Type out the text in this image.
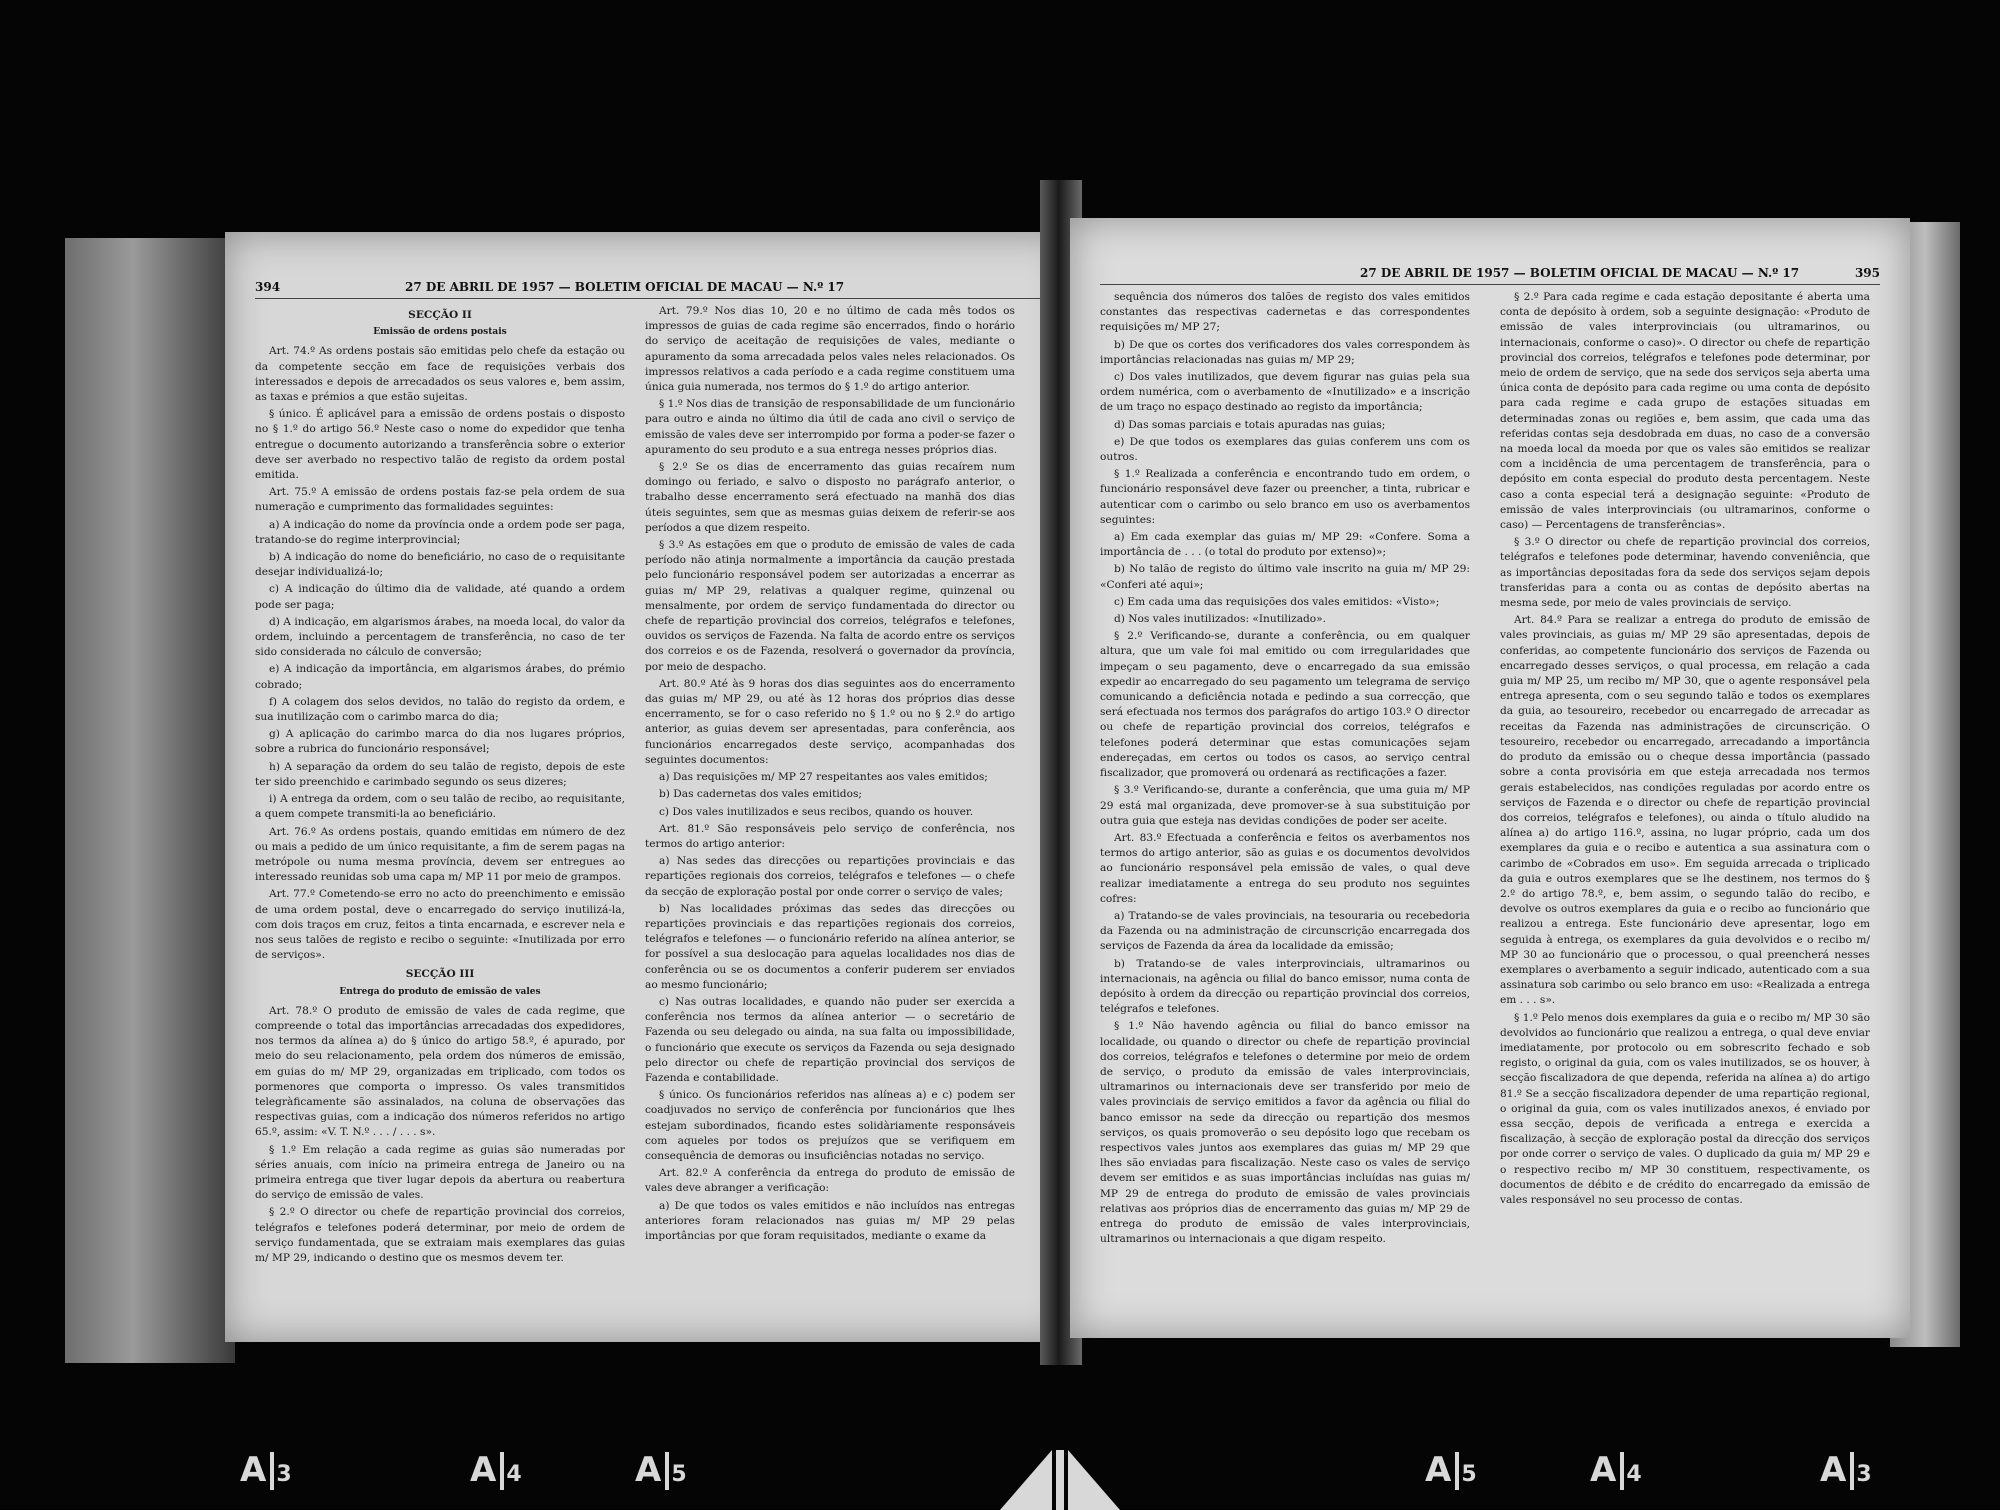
394	27 DE ABRIL DE 1957 — BOLETIM OFICIAL DE MACAU — N.º 17

SECÇÃO II

Emissão de ordens postais

Art. 74.º As ordens postais são emitidas pelo chefe da estação ou da competente secção em face de requisições verbais dos interessados e depois de arrecadados os seus valores e, bem assim, as taxas e prémios a que estão sujeitas.

§ único. É aplicável para a emissão de ordens postais o disposto no § 1.º do artigo 56.º Neste caso o nome do expedidor que tenha entregue o documento autorizando a transferência sobre o exterior deve ser averbado no respectivo talão de registo da ordem postal emitida.

Art. 75.º A emissão de ordens postais faz-se pela ordem de sua numeração e cumprimento das formalidades seguintes:

a) A indicação do nome da província onde a ordem pode ser paga, tratando-se do regime interprovincial;

b) A indicação do nome do beneficiário, no caso de o requisitante desejar individualizá-lo;

c) A indicação do último dia de validade, até quando a ordem pode ser paga;

d) A indicação, em algarismos árabes, na moeda local, do valor da ordem, incluindo a percentagem de transferência, no caso de ter sido considerada no cálculo de conversão;

e) A indicação da importância, em algarismos árabes, do prémio cobrado;

f) A colagem dos selos devidos, no talão do registo da ordem, e sua inutilização com o carimbo marca do dia;

g) A aplicação do carimbo marca do dia nos lugares próprios, sobre a rubrica do funcionário responsável;

h) A separação da ordem do seu talão de registo, depois de este ter sido preenchido e carimbado segundo os seus dizeres;

i) A entrega da ordem, com o seu talão de recibo, ao requisitante, a quem compete transmiti-la ao beneficiário.

Art. 76.º As ordens postais, quando emitidas em número de dez ou mais a pedido de um único requisitante, a fim de serem pagas na metrópole ou numa mesma província, devem ser entregues ao interessado reunidas sob uma capa m/ MP 11 por meio de grampos.

Art. 77.º Cometendo-se erro no acto do preenchimento e emissão de uma ordem postal, deve o encarregado do serviço inutilizá-la, com dois traços em cruz, feitos a tinta encarnada, e escrever nela e nos seus talões de registo e recibo o seguinte: «Inutilizada por erro de serviços».

SECÇÃO III

Entrega do produto de emissão de vales

Art. 78.º O produto de emissão de vales de cada regime, que compreende o total das importâncias arrecadadas dos expedidores, nos termos da alínea a) do § único do artigo 58.º, é apurado, por meio do seu relacionamento, pela ordem dos números de emissão, em guias do m/ MP 29, organizadas em triplicado, com todos os pormenores que comporta o impresso. Os vales transmitidos telegràficamente são assinalados, na coluna de observações das respectivas guias, com a indicação dos números referidos no artigo 65.º, assim: «V. T. N.º . . . / . . . s».

§ 1.º Em relação a cada regime as guias são numeradas por séries anuais, com início na primeira entrega de Janeiro ou na primeira entrega que tiver lugar depois da abertura ou reabertura do serviço de emissão de vales.

§ 2.º O director ou chefe de repartição provincial dos correios, telégrafos e telefones poderá determinar, por meio de ordem de serviço fundamentada, que se extraiam mais exemplares das guias m/ MP 29, indicando o destino que os mesmos devem ter.

Art. 79.º Nos dias 10, 20 e no último de cada mês todos os impressos de guias de cada regime são encerrados, findo o horário do serviço de aceitação de requisições de vales, mediante o apuramento da soma arrecadada pelos vales neles relacionados. Os impressos relativos a cada período e a cada regime constituem uma única guia numerada, nos termos do § 1.º do artigo anterior.

§ 1.º Nos dias de transição de responsabilidade de um funcionário para outro e ainda no último dia útil de cada ano civil o serviço de emissão de vales deve ser interrompido por forma a poder-se fazer o apuramento do seu produto e a sua entrega nesses próprios dias.

§ 2.º Se os dias de encerramento das guias recaírem num domingo ou feriado, e salvo o disposto no parágrafo anterior, o trabalho desse encerramento será efectuado na manhã dos dias úteis seguintes, sem que as mesmas guias deixem de referir-se aos períodos a que dizem respeito.

§ 3.º As estações em que o produto de emissão de vales de cada período não atinja normalmente a importância da caução prestada pelo funcionário responsável podem ser autorizadas a encerrar as guias m/ MP 29, relativas a qualquer regime, quinzenal ou mensalmente, por ordem de serviço fundamentada do director ou chefe de repartição provincial dos correios, telégrafos e telefones, ouvidos os serviços de Fazenda. Na falta de acordo entre os serviços dos correios e os de Fazenda, resolverá o governador da província, por meio de despacho.

Art. 80.º Até às 9 horas dos dias seguintes aos do encerramento das guias m/ MP 29, ou até às 12 horas dos próprios dias desse encerramento, se for o caso referido no § 1.º ou no § 2.º do artigo anterior, as guias devem ser apresentadas, para conferência, aos funcionários encarregados deste serviço, acompanhadas dos seguintes documentos:

a) Das requisições m/ MP 27 respeitantes aos vales emitidos;

b) Das cadernetas dos vales emitidos;

c) Dos vales inutilizados e seus recibos, quando os houver.

Art. 81.º São responsáveis pelo serviço de conferência, nos termos do artigo anterior:

a) Nas sedes das direcções ou repartições provinciais e das repartições regionais dos correios, telégrafos e telefones — o chefe da secção de exploração postal por onde correr o serviço de vales;

b) Nas localidades próximas das sedes das direcções ou repartições provinciais e das repartições regionais dos correios, telégrafos e telefones — o funcionário referido na alínea anterior, se for possível a sua deslocação para aquelas localidades nos dias de conferência ou se os documentos a conferir puderem ser enviados ao mesmo funcionário;

c) Nas outras localidades, e quando não puder ser exercida a conferência nos termos da alínea anterior — o secretário de Fazenda ou seu delegado ou ainda, na sua falta ou impossibilidade, o funcionário que execute os serviços da Fazenda ou seja designado pelo director ou chefe de repartição provincial dos serviços de Fazenda e contabilidade.

§ único. Os funcionários referidos nas alíneas a) e c) podem ser coadjuvados no serviço de conferência por funcionários que lhes estejam subordinados, ficando estes solidàriamente responsáveis com aqueles por todos os prejuízos que se verifiquem em consequência de demoras ou insuficiências notadas no serviço.

Art. 82.º A conferência da entrega do produto de emissão de vales deve abranger a verificação:

a) De que todos os vales emitidos e não incluídos nas entregas anteriores foram relacionados nas guias m/ MP 29 pelas importâncias por que foram requisitados, mediante o exame da

27 DE ABRIL DE 1957 — BOLETIM OFICIAL DE MACAU — N.º 17	395

sequência dos números dos talões de registo dos vales emitidos constantes das respectivas cadernetas e das correspondentes requisições m/ MP 27;

b) De que os cortes dos verificadores dos vales correspondem às importâncias relacionadas nas guias m/ MP 29;

c) Dos vales inutilizados, que devem figurar nas guias pela sua ordem numérica, com o averbamento de «Inutilizado» e a inscrição de um traço no espaço destinado ao registo da importância;

d) Das somas parciais e totais apuradas nas guias;

e) De que todos os exemplares das guias conferem uns com os outros.

§ 1.º Realizada a conferência e encontrando tudo em ordem, o funcionário responsável deve fazer ou preencher, a tinta, rubricar e autenticar com o carimbo ou selo branco em uso os averbamentos seguintes:

a) Em cada exemplar das guias m/ MP 29: «Confere. Soma a importância de . . . (o total do produto por extenso)»;

b) No talão de registo do último vale inscrito na guia m/ MP 29: «Conferi até aqui»;

c) Em cada uma das requisições dos vales emitidos: «Visto»;

d) Nos vales inutilizados: «Inutilizado».

§ 2.º Verificando-se, durante a conferência, ou em qualquer altura, que um vale foi mal emitido ou com irregularidades que impeçam o seu pagamento, deve o encarregado da sua emissão expedir ao encarregado do seu pagamento um telegrama de serviço comunicando a deficiência notada e pedindo a sua correcção, que será efectuada nos termos dos parágrafos do artigo 103.º O director ou chefe de repartição provincial dos correios, telégrafos e telefones poderá determinar que estas comunicações sejam endereçadas, em certos ou todos os casos, ao serviço central fiscalizador, que promoverá ou ordenará as rectificações a fazer.

§ 3.º Verificando-se, durante a conferência, que uma guia m/ MP 29 está mal organizada, deve promover-se à sua substituição por outra guia que esteja nas devidas condições de poder ser aceite.

Art. 83.º Efectuada a conferência e feitos os averbamentos nos termos do artigo anterior, são as guias e os documentos devolvidos ao funcionário responsável pela emissão de vales, o qual deve realizar imediatamente a entrega do seu produto nos seguintes cofres:

a) Tratando-se de vales provinciais, na tesouraria ou recebedoria da Fazenda ou na administração de circunscrição encarregada dos serviços de Fazenda da área da localidade da emissão;

b) Tratando-se de vales interprovinciais, ultramarinos ou internacionais, na agência ou filial do banco emissor, numa conta de depósito à ordem da direcção ou repartição provincial dos correios, telégrafos e telefones.

§ 1.º Não havendo agência ou filial do banco emissor na localidade, ou quando o director ou chefe de repartição provincial dos correios, telégrafos e telefones o determine por meio de ordem de serviço, o produto da emissão de vales interprovinciais, ultramarinos ou internacionais deve ser transferido por meio de vales provinciais de serviço emitidos a favor da agência ou filial do banco emissor na sede da direcção ou repartição dos mesmos serviços, os quais promoverão o seu depósito logo que recebam os respectivos vales juntos aos exemplares das guias m/ MP 29 que lhes são enviadas para fiscalização. Neste caso os vales de serviço devem ser emitidos e as suas importâncias incluídas nas guias m/ MP 29 de entrega do produto de emissão de vales provinciais relativas aos próprios dias de encerramento das guias m/ MP 29 de entrega do produto de emissão de vales interprovinciais, ultramarinos ou internacionais a que digam respeito.

§ 2.º Para cada regime e cada estação depositante é aberta uma conta de depósito à ordem, sob a seguinte designação: «Produto de emissão de vales interprovinciais (ou ultramarinos, ou internacionais, conforme o caso)». O director ou chefe de repartição provincial dos correios, telégrafos e telefones pode determinar, por meio de ordem de serviço, que na sede dos serviços seja aberta uma única conta de depósito para cada regime ou uma conta de depósito para cada regime e cada grupo de estações situadas em determinadas zonas ou regiões e, bem assim, que cada uma das referidas contas seja desdobrada em duas, no caso de a conversão na moeda local da moeda por que os vales são emitidos se realizar com a incidência de uma percentagem de transferência, para o depósito em conta especial do produto desta percentagem. Neste caso a conta especial terá a designação seguinte: «Produto de emissão de vales interprovinciais (ou ultramarinos, conforme o caso) — Percentagens de transferências».

§ 3.º O director ou chefe de repartição provincial dos correios, telégrafos e telefones pode determinar, havendo conveniência, que as importâncias depositadas fora da sede dos serviços sejam depois transferidas para a conta ou as contas de depósito abertas na mesma sede, por meio de vales provinciais de serviço.

Art. 84.º Para se realizar a entrega do produto de emissão de vales provinciais, as guias m/ MP 29 são apresentadas, depois de conferidas, ao competente funcionário dos serviços de Fazenda ou encarregado desses serviços, o qual processa, em relação a cada guia m/ MP 25, um recibo m/ MP 30, que o agente responsável pela entrega apresenta, com o seu segundo talão e todos os exemplares da guia, ao tesoureiro, recebedor ou encarregado de arrecadar as receitas da Fazenda nas administrações de circunscrição. O tesoureiro, recebedor ou encarregado, arrecadando a importância do produto da emissão ou o cheque dessa importância (passado sobre a conta provisória em que esteja arrecadada nos termos gerais estabelecidos, nas condições reguladas por acordo entre os serviços de Fazenda e o director ou chefe de repartição provincial dos correios, telégrafos e telefones), ou ainda o título aludido na alínea a) do artigo 116.º, assina, no lugar próprio, cada um dos exemplares da guia e o recibo e autentica a sua assinatura com o carimbo de «Cobrados em uso». Em seguida arrecada o triplicado da guia e outros exemplares que se lhe destinem, nos termos do § 2.º do artigo 78.º, e, bem assim, o segundo talão do recibo, e devolve os outros exemplares da guia e o recibo ao funcionário que realizou a entrega. Este funcionário deve apresentar, logo em seguida à entrega, os exemplares da guia devolvidos e o recibo m/ MP 30 ao funcionário que o processou, o qual preencherá nesses exemplares o averbamento a seguir indicado, autenticado com a sua assinatura sob carimbo ou selo branco em uso: «Realizada a entrega em . . . s».

§ 1.º Pelo menos dois exemplares da guia e o recibo m/ MP 30 são devolvidos ao funcionário que realizou a entrega, o qual deve enviar imediatamente, por protocolo ou em sobrescrito fechado e sob registo, o original da guia, com os vales inutilizados, se os houver, à secção fiscalizadora de que dependa, referida na alínea a) do artigo 81.º Se a secção fiscalizadora depender de uma repartição regional, o original da guia, com os vales inutilizados anexos, é enviado por essa secção, depois de verificada a entrega e exercida a fiscalização, à secção de exploração postal da direcção dos serviços por onde correr o serviço de vales. O duplicado da guia m/ MP 29 e o respectivo recibo m/ MP 30 constituem, respectivamente, os documentos de débito e de crédito do encarregado da emissão de vales responsável no seu processo de contas.

A 3	A 4	A 5	A 5	A 4	A 3
